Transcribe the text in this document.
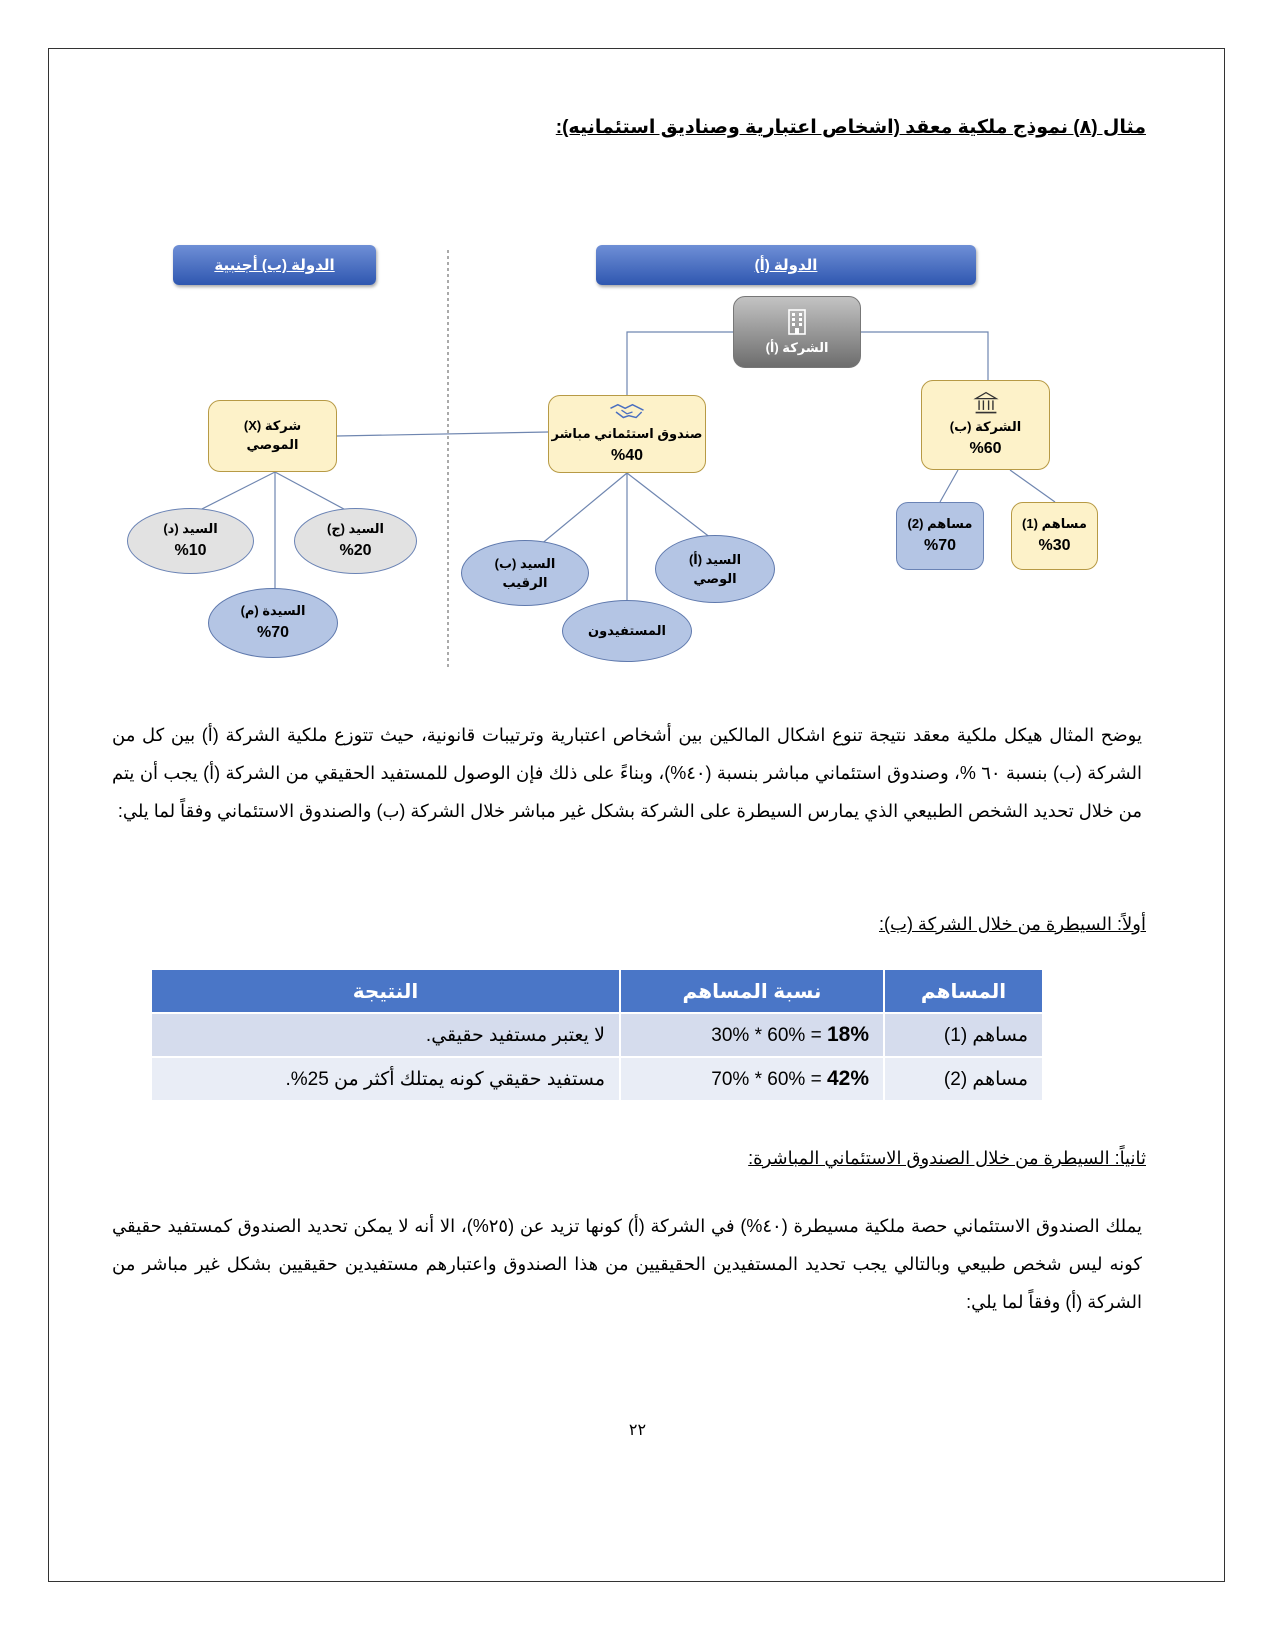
مثال (٨) نموذج ملكية معقد (اشخاص اعتبارية وصناديق استئمانيه):
الدولة (أ)
الدولة (ب) أجنبية
الشركة (أ)
الشركة (ب)
%60
صندوق استئماني مباشر
%40
شركة (X)
الموصي
مساهم (2)
%70
مساهم (1)
%30
السيد (أ)
الوصي
السيد (ب)
الرقيب
المستفيدون
السيد (ج)
%20
السيد (د)
%10
السيدة (م)
%70
يوضح المثال هيكل ملكية معقد نتيجة تنوع اشكال المالكين بين أشخاص اعتبارية وترتيبات قانونية، حيث تتوزع ملكية الشركة (أ) بين كل من الشركة (ب) بنسبة ٦٠ %، وصندوق استئماني مباشر بنسبة (٤٠%)، وبناءً على ذلك فإن الوصول للمستفيد الحقيقي من الشركة (أ) يجب أن يتم من خلال تحديد الشخص الطبيعي الذي يمارس السيطرة على الشركة بشكل غير مباشر خلال الشركة (ب) والصندوق الاستئماني وفقاً لما يلي:
أولاً: السيطرة من خلال الشركة (ب):
المساهم	نسبة المساهم	النتيجة
مساهم (1)	30% * 60% = 18%	لا يعتبر مستفيد حقيقي.
مساهم (2)	70% * 60% = 42%	مستفيد حقيقي كونه يمتلك أكثر من 25%.
ثانياً: السيطرة من خلال الصندوق الاستئماني المباشرة:
يملك الصندوق الاستئماني حصة ملكية مسيطرة (٤٠%) في الشركة (أ) كونها تزيد عن (٢٥%)، الا أنه لا يمكن تحديد الصندوق كمستفيد حقيقي كونه ليس شخص طبيعي وبالتالي يجب تحديد المستفيدين الحقيقيين من هذا الصندوق واعتبارهم مستفيدين حقيقيين بشكل غير مباشر من الشركة (أ) وفقاً لما يلي:
٢٢
